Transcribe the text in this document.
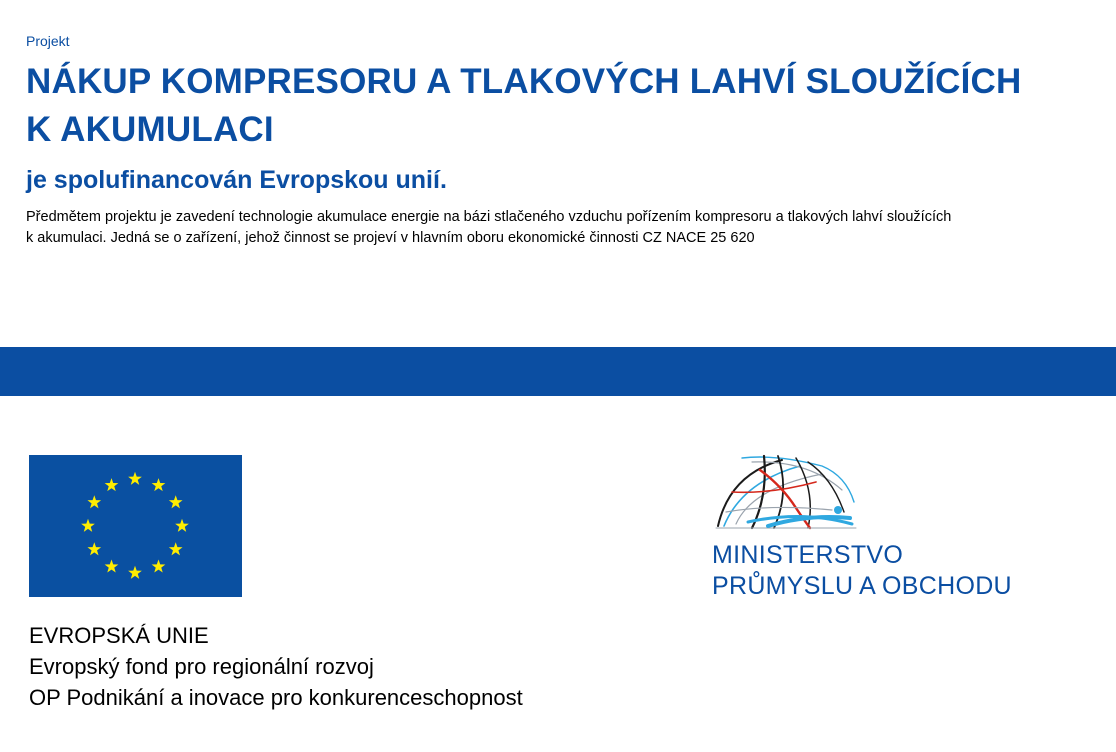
Projekt
NÁKUP KOMPRESORU A TLAKOVÝCH LAHVÍ SLOUŽÍCÍCH K AKUMULACI
je spolufinancován Evropskou unií.
Předmětem projektu je zavedení technologie akumulace energie na bázi stlačeného vzduchu pořízením kompresoru a tlakových lahví sloužících
k akumulaci. Jedná se o zařízení, jehož činnost se projeví v hlavním oboru ekonomické činnosti CZ NACE 25 620
EVROPSKÁ UNIE
Evropský fond pro regionální rozvoj
OP Podnikání a inovace pro konkurenceschopnost
MINISTERSTVO
PRŮMYSLU A OBCHODU
